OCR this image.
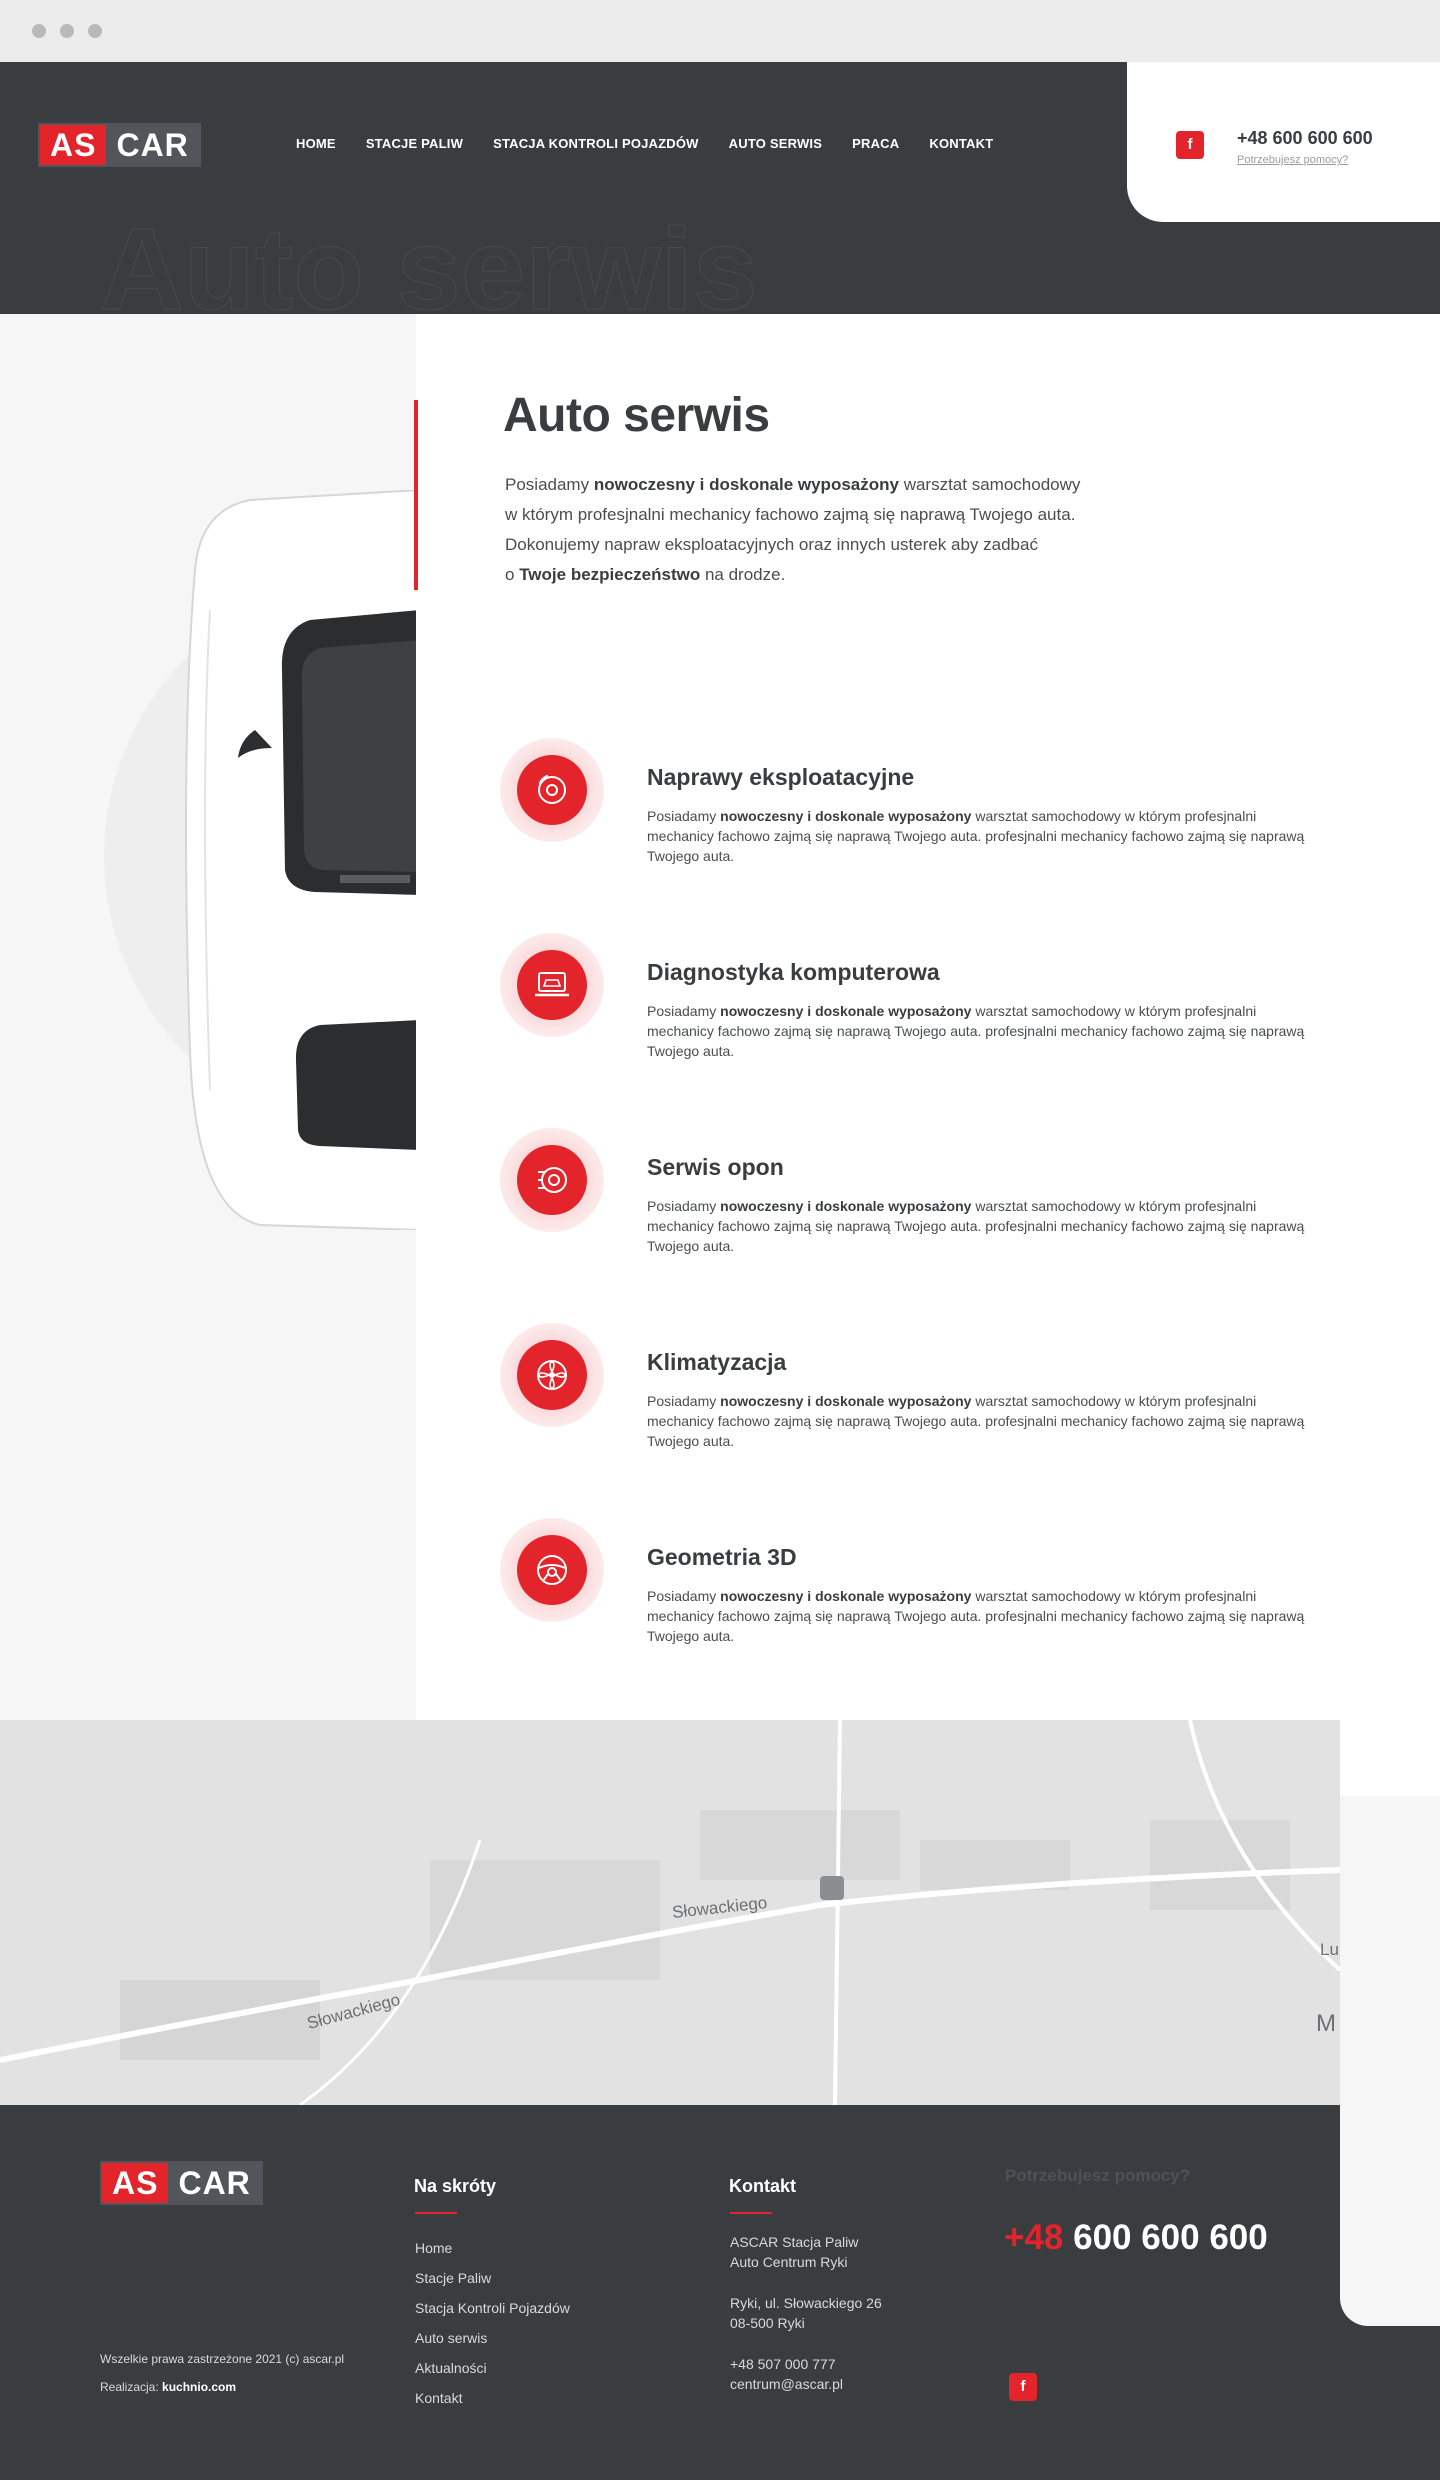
AS CAR	HOME STACJE PALIW STACJA KONTROLI POJAZDÓW AUTO SERWIS PRACA KONTAKT
Auto serwis
f	+48 600 600 600
Potrzebujesz pomocy?
Auto serwis
Posiadamy nowoczesny i doskonale wyposażony warsztat samochodowy
w którym profesjnalni mechanicy fachowo zajmą się naprawą Twojego auta.
Dokonujemy napraw eksploatacyjnych oraz innych usterek aby zadbać
o Twoje bezpieczeństwo na drodze.
Naprawy eksploatacyjne
Posiadamy nowoczesny i doskonale wyposażony warsztat samochodowy w którym profesjnalni mechanicy fachowo zajmą się naprawą Twojego auta. profesjnalni mechanicy fachowo zajmą się naprawą Twojego auta.
Diagnostyka komputerowa
Posiadamy nowoczesny i doskonale wyposażony warsztat samochodowy w którym profesjnalni mechanicy fachowo zajmą się naprawą Twojego auta. profesjnalni mechanicy fachowo zajmą się naprawą Twojego auta.
Serwis opon
Posiadamy nowoczesny i doskonale wyposażony warsztat samochodowy w którym profesjnalni mechanicy fachowo zajmą się naprawą Twojego auta. profesjnalni mechanicy fachowo zajmą się naprawą Twojego auta.
Klimatyzacja
Posiadamy nowoczesny i doskonale wyposażony warsztat samochodowy w którym profesjnalni mechanicy fachowo zajmą się naprawą Twojego auta. profesjnalni mechanicy fachowo zajmą się naprawą Twojego auta.
Geometria 3D
Posiadamy nowoczesny i doskonale wyposażony warsztat samochodowy w którym profesjnalni mechanicy fachowo zajmą się naprawą Twojego auta. profesjnalni mechanicy fachowo zajmą się naprawą Twojego auta.
Słowackiego
Słowackiego
Lu
M
AS CAR
Wszelkie prawa zastrzeżone 2021 (c) ascar.pl
Realizacja: kuchnio.com
Na skróty
Home
Stacje Paliw
Stacja Kontroli Pojazdów
Auto serwis
Aktualności
Kontakt
Kontakt
ASCAR Stacja Paliw
Auto Centrum Ryki
Ryki, ul. Słowackiego 26
08-500 Ryki
+48 507 000 777
centrum@ascar.pl
Potrzebujesz pomocy?
+48 600 600 600
f
